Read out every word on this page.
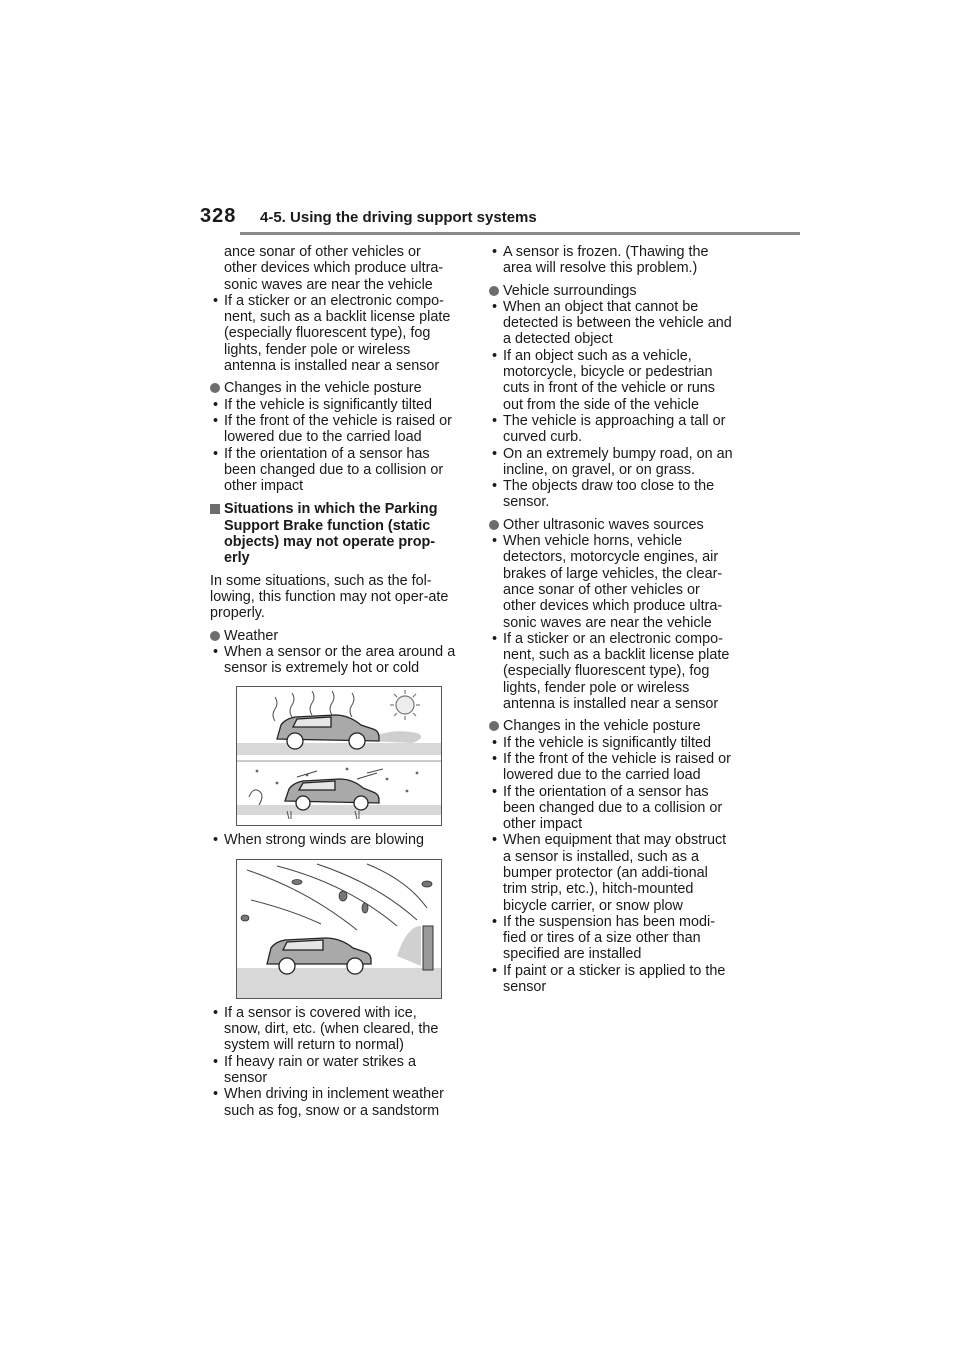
328 4-5. Using the driving support systems
ance sonar of other vehicles or other devices which produce ultra-sonic waves are near the vehicle
• If a sticker or an electronic compo-nent, such as a backlit license plate (especially fluorescent type), fog lights, fender pole or wireless antenna is installed near a sensor
Changes in the vehicle posture
• If the vehicle is significantly tilted
• If the front of the vehicle is raised or lowered due to the carried load
• If the orientation of a sensor has been changed due to a collision or other impact
Situations in which the Parking Support Brake function (static objects) may not operate prop-erly
In some situations, such as the fol-lowing, this function may not oper-ate properly.
Weather
• When a sensor or the area around a sensor is extremely hot or cold
• When strong winds are blowing
• If a sensor is covered with ice, snow, dirt, etc. (when cleared, the system will return to normal)
• If heavy rain or water strikes a sensor
• When driving in inclement weather such as fog, snow or a sandstorm
• A sensor is frozen. (Thawing the area will resolve this problem.)
Vehicle surroundings
• When an object that cannot be detected is between the vehicle and a detected object
• If an object such as a vehicle, motorcycle, bicycle or pedestrian cuts in front of the vehicle or runs out from the side of the vehicle
• The vehicle is approaching a tall or curved curb.
• On an extremely bumpy road, on an incline, on gravel, or on grass.
• The objects draw too close to the sensor.
Other ultrasonic waves sources
• When vehicle horns, vehicle detectors, motorcycle engines, air brakes of large vehicles, the clear-ance sonar of other vehicles or other devices which produce ultra-sonic waves are near the vehicle
• If a sticker or an electronic compo-nent, such as a backlit license plate (especially fluorescent type), fog lights, fender pole or wireless antenna is installed near a sensor
Changes in the vehicle posture
• If the vehicle is significantly tilted
• If the front of the vehicle is raised or lowered due to the carried load
• If the orientation of a sensor has been changed due to a collision or other impact
• When equipment that may obstruct a sensor is installed, such as a bumper protector (an addi-tional trim strip, etc.), hitch-mounted bicycle carrier, or snow plow
• If the suspension has been modi-fied or tires of a size other than specified are installed
• If paint or a sticker is applied to the sensor
